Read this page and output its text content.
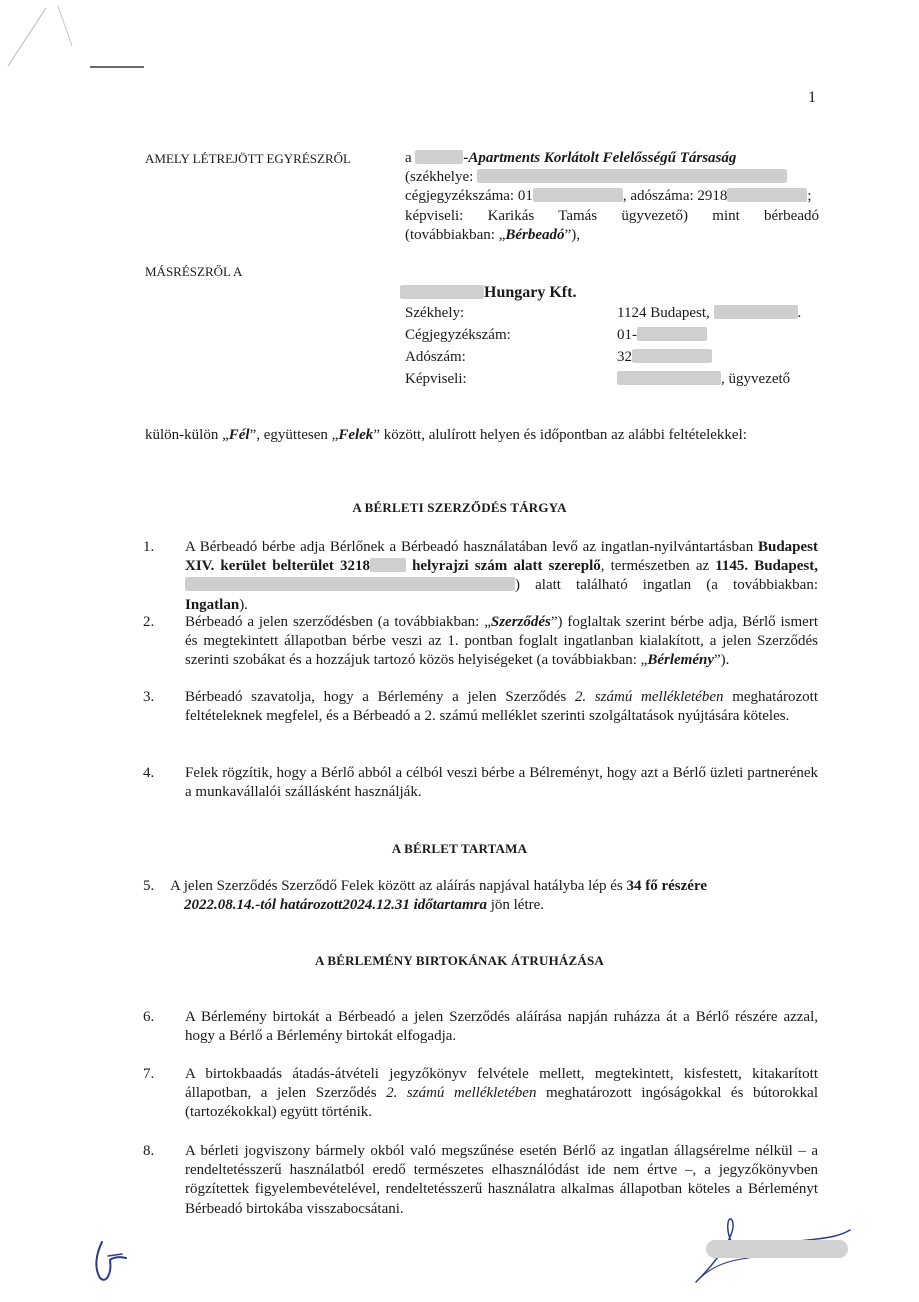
1
AMELY LÉTREJÖTT EGYRÉSZRŐL	a	-Apartments Korlátolt Felelősségű Társaság
(székhelye:
cégjegyzékszáma: 01	, adószáma: 2918	;
képviseli: Karikás Tamás ügyvezető) mint bérbeadó
(továbbiakban: „Bérbeadó”),
MÁSRÉSZRŐL A
Hungary Kft.
Székhely:	1124 Budapest,	.
Cégjegyzékszám:	01-
Adószám:	32
Képviseli:	, ügyvezető
külön-külön „Fél”, együttesen „Felek” között, alulírott helyen és időpontban az alábbi feltételekkel:
A BÉRLETI SZERZŐDÉS TÁRGYA
1. A Bérbeadó bérbe adja Bérlőnek a Bérbeadó használatában levő az ingatlan-nyilvántartásban Budapest XIV. kerület belterület 3218 helyrajzi szám alatt szereplő, természetben az 1145. Budapest, ) alatt található ingatlan (a továbbiakban: Ingatlan).
2. Bérbeadó a jelen szerződésben (a továbbiakban: „Szerződés”) foglaltak szerint bérbe adja, Bérlő ismert és megtekintett állapotban bérbe veszi az 1. pontban foglalt ingatlanban kialakított, a jelen Szerződés szerinti szobákat és a hozzájuk tartozó közös helyiségeket (a továbbiakban: „Bérlemény”).
3. Bérbeadó szavatolja, hogy a Bérlemény a jelen Szerződés 2. számú mellékletében meghatározott feltételeknek megfelel, és a Bérbeadó a 2. számú melléklet szerinti szolgáltatások nyújtására köteles.
4. Felek rögzítik, hogy a Bérlő abból a célból veszi bérbe a Bélreményt, hogy azt a Bérlő üzleti partnerének a munkavállalói szállásként használják.
A BÉRLET TARTAMA
5. A jelen Szerződés Szerződő Felek között az aláírás napjával hatályba lép és 34 fő részére
2022.08.14.-tól határozott2024.12.31 időtartamra jön létre.
A BÉRLEMÉNY BIRTOKÁNAK ÁTRUHÁZÁSA
6. A Bérlemény birtokát a Bérbeadó a jelen Szerződés aláírása napján ruházza át a Bérlő részére azzal, hogy a Bérlő a Bérlemény birtokát elfogadja.
7. A birtokbaadás átadás-átvételi jegyzőkönyv felvétele mellett, megtekintett, kisfestett, kitakarított állapotban, a jelen Szerződés 2. számú mellékletében meghatározott ingóságokkal és bútorokkal (tartozékokkal) együtt történik.
8. A bérleti jogviszony bármely okból való megszűnése esetén Bérlő az ingatlan állagsérelme nélkül – a rendeltetésszerű használatból eredő természetes elhasználódást ide nem értve –, a jegyzőkönyvben rögzítettek figyelembevételével, rendeltetésszerű használatra alkalmas állapotban köteles a Bérleményt Bérbeadó birtokába visszabocsátani.
